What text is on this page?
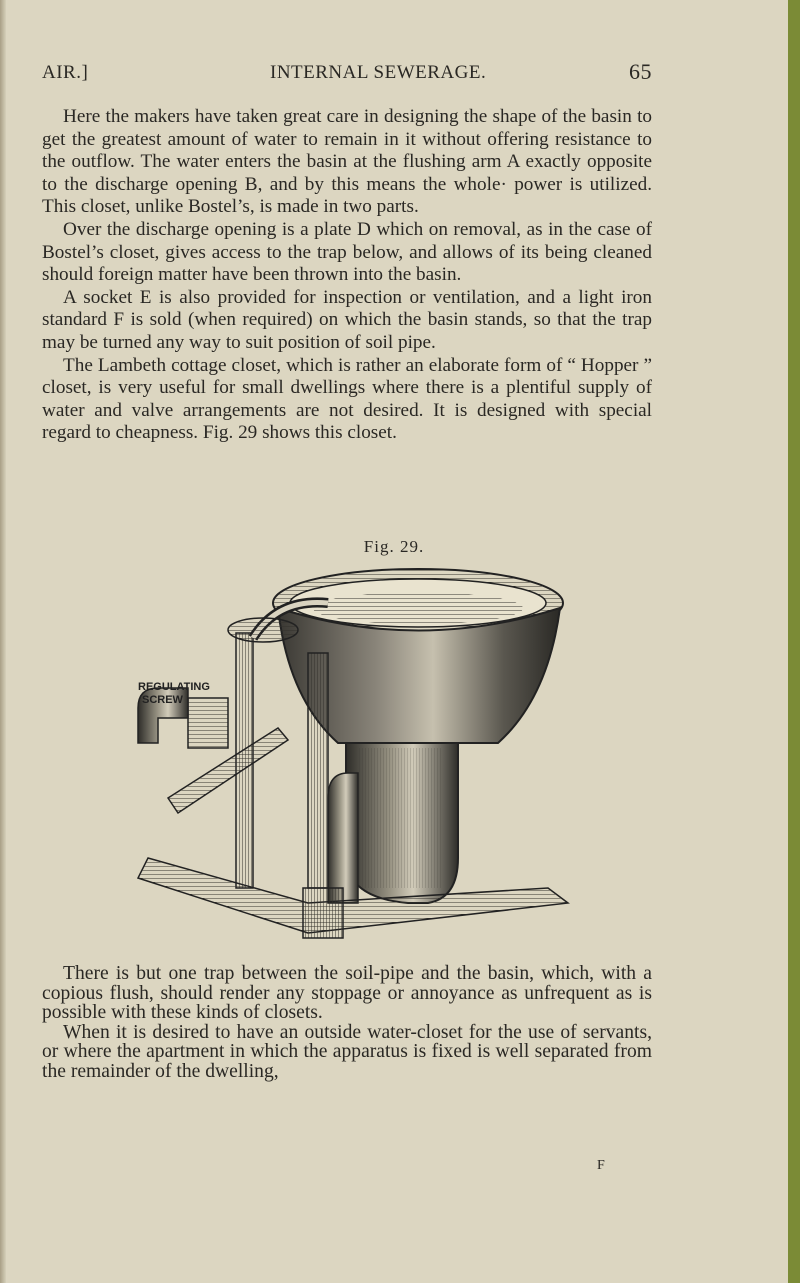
AIR.]	INTERNAL SEWERAGE.	65

Here the makers have taken great care in designing the shape of the basin to get the greatest amount of water to remain in it without offering resistance to the outflow. The water enters the basin at the flushing arm A exactly opposite to the discharge opening B, and by this means the whole· power is utilized. This closet, unlike Bostel’s, is made in two parts.

Over the discharge opening is a plate D which on removal, as in the case of Bostel’s closet, gives access to the trap below, and allows of its being cleaned should foreign matter have been thrown into the basin.

A socket E is also provided for inspection or ventilation, and a light iron standard F is sold (when required) on which the basin stands, so that the trap may be turned any way to suit position of soil pipe.

The Lambeth cottage closet, which is rather an elaborate form of “ Hopper ” closet, is very useful for small dwellings where there is a plentiful supply of water and valve arrangements are not desired. It is designed with special regard to cheapness. Fig. 29 shows this closet.

Fig. 29.
REGULATING
SCREW

There is but one trap between the soil-pipe and the basin, which, with a copious flush, should render any stoppage or annoyance as unfrequent as is possible with these kinds of closets.

When it is desired to have an outside water-closet for the use of servants, or where the apartment in which the apparatus is fixed is well separated from the remainder of the dwelling,

F
